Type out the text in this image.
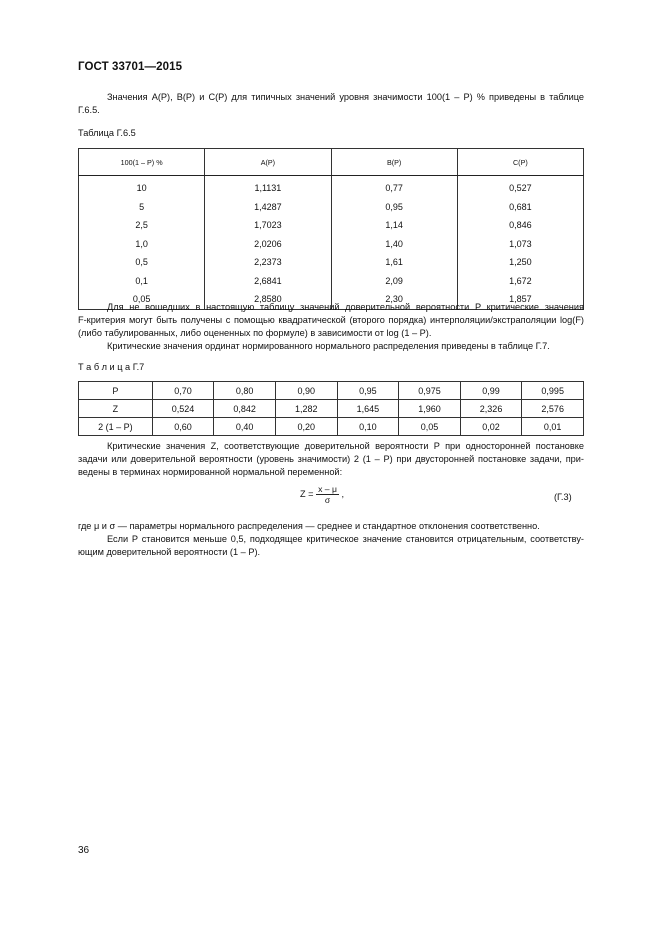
ГОСТ 33701—2015
Значения A(P), B(P) и C(P) для типичных значений уровня значимости 100(1 – P) % приведены в таблице
Г.6.5.
Таблица Г.6.5
100(1 – P) %	A(P)	B(P)	C(P)
10	1,1131	0,77	0,527
5	1,4287	0,95	0,681
2,5	1,7023	1,14	0,846
1,0	2,0206	1,40	1,073
0,5	2,2373	1,61	1,250
0,1	2,6841	2,09	1,672
0,05	2,8580	2,30	1,857
Для не вошедших в настоящую таблицу значений доверительной вероятности P критические значения
F-критерия могут быть получены с помощью квадратической (второго порядка) интерполяции/экстраполяции log(F)
(либо табулированных, либо оцененных по формуле) в зависимости от log (1 – P).
Критические значения ординат нормированного нормального распределения приведены в таблице Г.7.
Т а б л и ц а Г.7
P	0,70	0,80	0,90	0,95	0,975	0,99	0,995
Z	0,524	0,842	1,282	1,645	1,960	2,326	2,576
2 (1 – P)	0,60	0,40	0,20	0,10	0,05	0,02	0,01
Критические значения Z, соответствующие доверительной вероятности P при односторонней постановке
задачи или доверительной вероятности (уровень значимости) 2 (1 – P) при двусторонней постановке задачи, при-
ведены в терминах нормированной нормальной переменной:
$Z = \frac{x - \mu}{\sigma}$ ,	(Г.3)
где μ и σ — параметры нормального распределения — среднее и стандартное отклонения соответственно.
Если P становится меньше 0,5, подходящее критическое значение становится отрицательным, соответству-
ющим доверительной вероятности (1 – P).
36
